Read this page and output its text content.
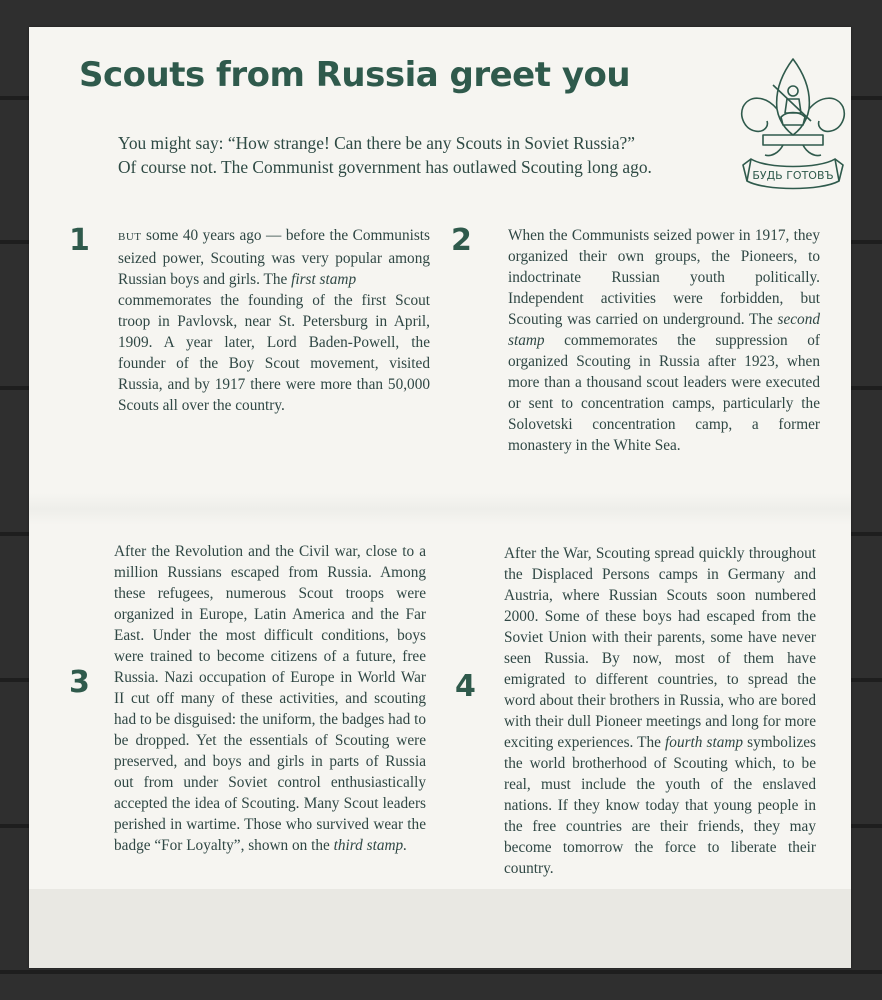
Scouts from Russia greet you

You might say: “How strange! Can there be any Scouts in Soviet Russia?”

Of course not. The Communist government has outlawed Scouting long ago.	БУДЬ ГОТОВЪ
1	BUT some 40 years ago — before the Communists seized power, Scouting was very popular among Russian boys and girls. The first stamp

commemorates the founding of the first Scout troop in Pavlovsk, near St. Petersburg in April, 1909. A year later, Lord Baden-Powell, the founder of the Boy Scout movement, visited Russia, and by 1917 there were more than 50,000 Scouts all over the country.

2 When the Communists seized power in 1917, they organized their own groups, the Pioneers, to indoctrinate Russian youth politically. Independent activities were forbidden, but Scouting was carried on underground. The second stamp commemorates the suppression of organized Scouting in Russia after 1923, when more than a thousand scout leaders were executed or sent to concentration camps, particularly the Solovetski concentration camp, a former monastery in the White Sea.

3

After the Revolution and the Civil war, close to a million Russians escaped from Russia. Among these refugees, numerous Scout troops were organized in Europe, Latin America and the Far East. Under the most difficult conditions, boys were trained to become citizens of a future, free Russia. Nazi occupation of Europe in World War II cut off many of these activities, and scouting had to be disguised: the uniform, the badges had to be dropped. Yet the essentials of Scouting were preserved, and boys and girls in parts of Russia out from under Soviet control enthusiastically accepted the idea of Scouting. Many Scout leaders perished in wartime. Those who survived wear the badge “For Loyalty”, shown on the third stamp.

4

After the War, Scouting spread quickly throughout the Displaced Persons camps in Germany and Austria, where Russian Scouts soon numbered 2000. Some of these boys had escaped from the Soviet Union with their parents, some have never seen Russia. By now, most of them have emigrated to different countries, to spread the word about their brothers in Russia, who are bored with their dull Pioneer meetings and long for more exciting experiences. The fourth stamp symbolizes the world brotherhood of Scouting which, to be real, must include the youth of the enslaved nations. If they know today that young people in the free countries are their friends, they may become tomorrow the force to liberate their country.
